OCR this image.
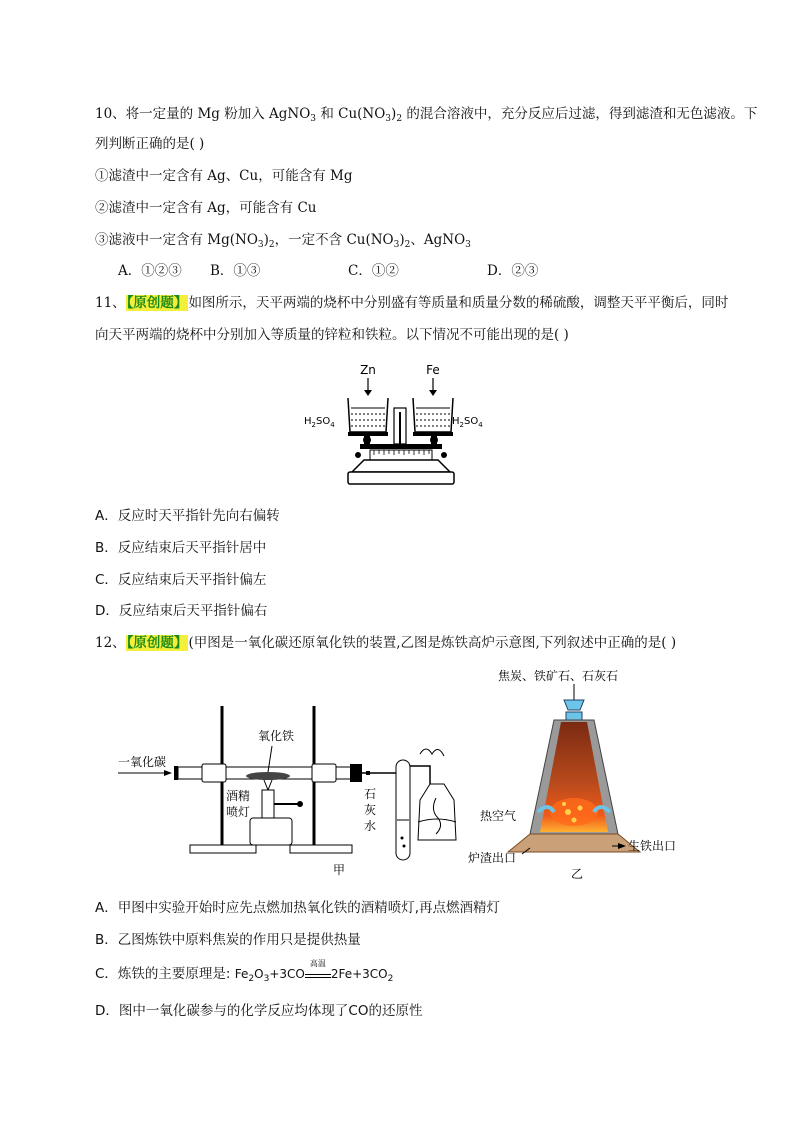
10、将一定量的 Mg 粉加入 AgNO$_3$ 和 $Cu(NO_3)_2$ 的混合溶液中，充分反应后过滤，得到滤渣和无色滤液。下
列判断正确的是( )
①滤渣中一定含有 Ag、Cu，可能含有 Mg
②滤渣中一定含有 Ag，可能含有 Cu
③滤液中一定含有 $Mg(NO_3)_2$，一定不含 $Cu(NO_3)_2$、AgNO$_3$
A．①②③ B．①③	C．①②	D．②③
11、【原创题】如图所示，天平两端的烧杯中分别盛有等质量和质量分数的稀硫酸，调整天平平衡后，同时
向天平两端的烧杯中分别加入等质量的锌粒和铁粒。以下情况不可能出现的是( )
Zn	Fe
$H_2SO_4$	$H_2SO_4$
A．反应时天平指针先向右偏转
B．反应结束后天平指针居中
C．反应结束后天平指针偏左
D．反应结束后天平指针偏右
12、【原创题】(甲图是一氧化碳还原氧化铁的装置,乙图是炼铁高炉示意图,下列叙述中正确的是( )
一氧化碳
氧化铁
酒精
喷灯
石
灰
水
甲
焦炭、铁矿石、石灰石
热空气
生铁出口
炉渣出口
乙
A．甲图中实验开始时应先点燃加热氧化铁的酒精喷灯,再点燃酒精灯
B．乙图炼铁中原料焦炭的作用只是提供热量
C．炼铁的主要原理是: $Fe_2O_3+3CO$
高温
$2Fe+3CO_2$
D．图中一氧化碳参与的化学反应均体现了CO的还原性
